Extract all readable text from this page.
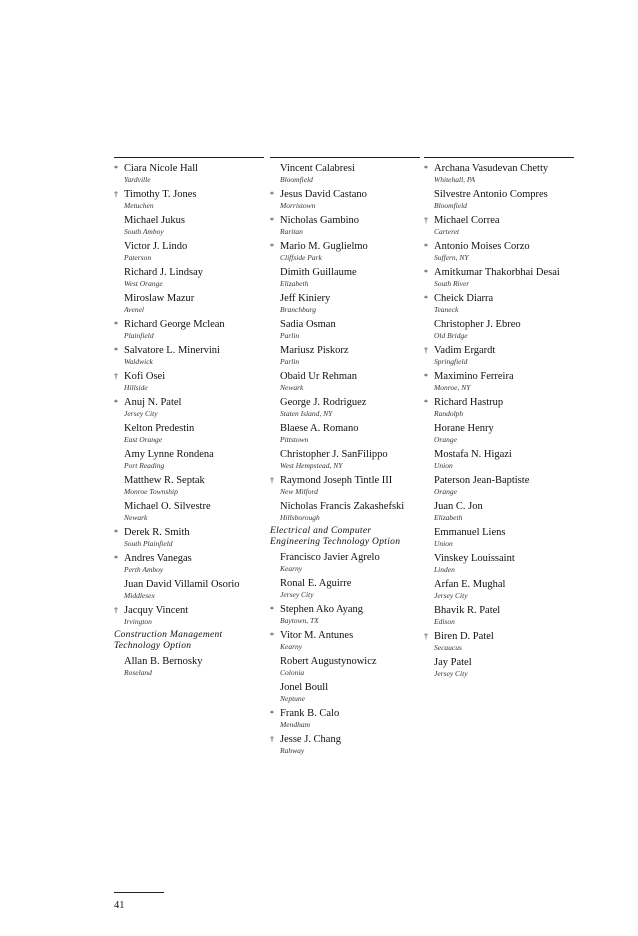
* Ciara Nicole Hall
Yardville
† Timothy T. Jones
Metuchen
Michael Jukus
South Amboy
Victor J. Lindo
Paterson
Richard J. Lindsay
West Orange
Miroslaw Mazur
Avenel
* Richard George Mclean
Plainfield
* Salvatore L. Minervini
Waldwick
† Kofi Osei
Hillside
* Anuj N. Patel
Jersey City
Kelton Predestin
East Orange
Amy Lynne Rondena
Port Reading
Matthew R. Septak
Monroe Township
Michael O. Silvestre
Newark
* Derek R. Smith
South Plainfield
* Andres Vanegas
Perth Amboy
Juan David Villamil Osorio
Middlesex
† Jacquy Vincent
Irvington
Construction Management
Technology Option
Allan B. Bernosky
Roseland
Vincent Calabresi
Bloomfield
* Jesus David Castano
Morristown
* Nicholas Gambino
Raritan
* Mario M. Guglielmo
Cliffside Park
Dimith Guillaume
Elizabeth
Jeff Kiniery
Branchburg
Sadia Osman
Parlin
Mariusz Piskorz
Parlin
Obaid Ur Rehman
Newark
George J. Rodriguez
Staten Island, NY
Blaese A. Romano
Pittstown
Christopher J. SanFilippo
West Hempstead, NY
† Raymond Joseph Tintle III
New Milford
Nicholas Francis Zakashefski
Hillsborough
Electrical and Computer
Engineering Technology Option
Francisco Javier Agrelo
Kearny
Ronal E. Aguirre
Jersey City
* Stephen Ako Ayang
Baytown, TX
* Vitor M. Antunes
Kearny
Robert Augustynowicz
Colonia
Jonel Boull
Neptune
* Frank B. Calo
Mendham
† Jesse J. Chang
Rahway
* Archana Vasudevan Chetty
Whitehall, PA
Silvestre Antonio Compres
Bloomfield
† Michael Correa
Carteret
* Antonio Moises Corzo
Suffern, NY
* Amitkumar Thakorbhai Desai
South River
* Cheick Diarra
Teaneck
Christopher J. Ebreo
Old Bridge
† Vadim Ergardt
Springfield
* Maximino Ferreira
Monroe, NY
* Richard Hastrup
Randolph
Horane Henry
Orange
Mostafa N. Higazi
Union
Paterson Jean-Baptiste
Orange
Juan C. Jon
Elizabeth
Emmanuel Liens
Union
Vinskey Louissaint
Linden
Arfan E. Mughal
Jersey City
Bhavik R. Patel
Edison
† Biren D. Patel
Secaucus
Jay Patel
Jersey City
41
